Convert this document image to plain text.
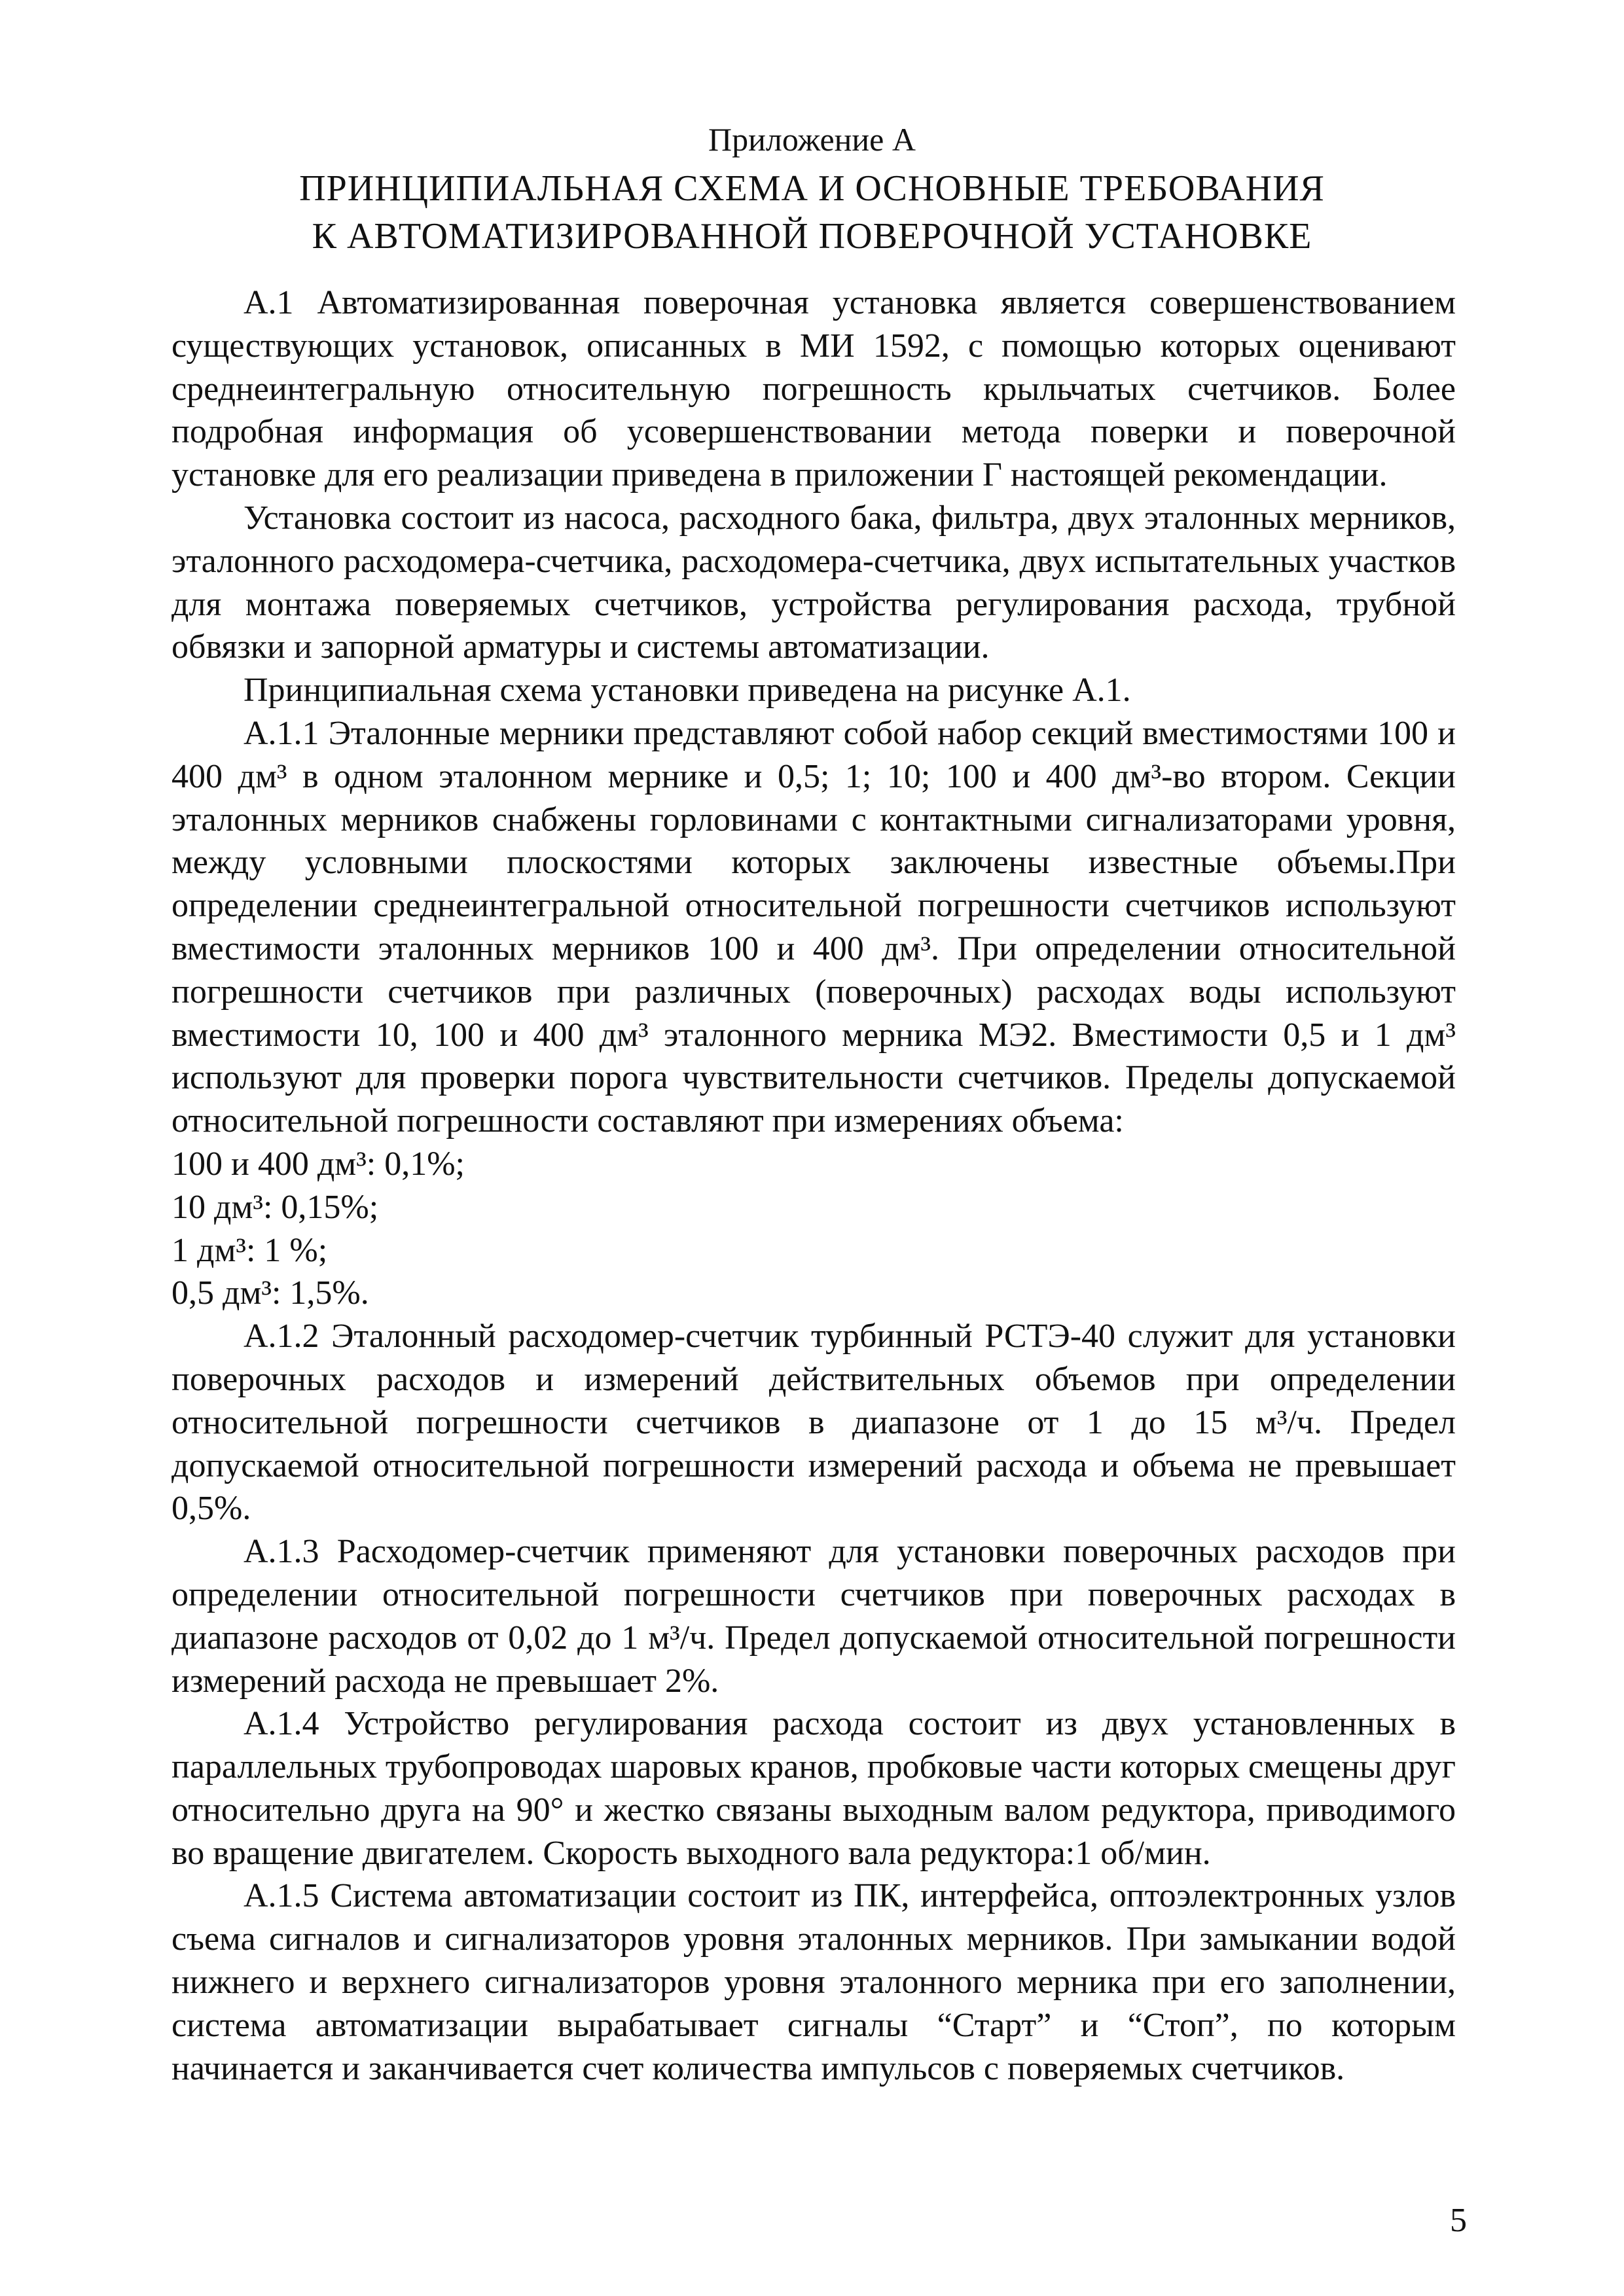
Приложение А
ПРИНЦИПИАЛЬНАЯ СХЕМА И ОСНОВНЫЕ ТРЕБОВАНИЯ
К АВТОМАТИЗИРОВАННОЙ ПОВЕРОЧНОЙ УСТАНОВКЕ

А.1 Автоматизированная поверочная установка является совершенствованием существующих установок, описанных в МИ 1592, с помощью которых оценивают среднеинтегральную относительную погрешность крыльчатых счетчиков. Более подробная информация об усовершенствовании метода поверки и поверочной установке для его реализации приведена в приложении Г настоящей рекомендации.

Установка состоит из насоса, расходного бака, фильтра, двух эталонных мерников, эталонного расходомера-счетчика, расходомера-счетчика, двух испытательных участков для монтажа поверяемых счетчиков, устройства регулирования расхода, трубной обвязки и запорной арматуры и системы автоматизации.

Принципиальная схема установки приведена на рисунке А.1.

А.1.1 Эталонные мерники представляют собой набор секций вместимостями 100 и 400 дм³ в одном эталонном мернике и 0,5; 1; 10; 100 и 400 дм³-во втором. Секции эталонных мерников снабжены горловинами с контактными сигнализаторами уровня, между условными плоскостями которых заключены известные объемы.При определении среднеинтегральной относительной погрешности счетчиков используют вместимости эталонных мерников 100 и 400 дм³. При определении относительной погрешности счетчиков при различных (поверочных) расходах воды используют вместимости 10, 100 и 400 дм³ эталонного мерника МЭ2. Вместимости 0,5 и 1 дм³ используют для проверки порога чувствительности счетчиков. Пределы допускаемой относительной погрешности составляют при измерениях объема:

100 и 400 дм³: 0,1%;

10 дм³: 0,15%;

1 дм³: 1 %;

0,5 дм³: 1,5%.

А.1.2 Эталонный расходомер-счетчик турбинный РСТЭ-40 служит для установки поверочных расходов и измерений действительных объемов при определении относительной погрешности счетчиков в диапазоне от 1 до 15 м³/ч. Предел допускаемой относительной погрешности измерений расхода и объема не превышает 0,5%.

А.1.3 Расходомер-счетчик применяют для установки поверочных расходов при определении относительной погрешности счетчиков при поверочных расходах в диапазоне расходов от 0,02 до 1 м³/ч. Предел допускаемой относительной погрешности измерений расхода не превышает 2%.

А.1.4 Устройство регулирования расхода состоит из двух установленных в параллельных трубопроводах шаровых кранов, пробковые части которых смещены друг относительно друга на 90° и жестко связаны выходным валом редуктора, приводимого во вращение двигателем. Скорость выходного вала редуктора:1 об/мин.

А.1.5 Система автоматизации состоит из ПК, интерфейса, оптоэлектронных узлов съема сигналов и сигнализаторов уровня эталонных мерников. При замыкании водой нижнего и верхнего сигнализаторов уровня эталонного мерника при его заполнении, система автоматизации вырабатывает сигналы “Старт” и “Стоп”, по которым начинается и заканчивается счет количества импульсов с поверяемых счетчиков.

5
